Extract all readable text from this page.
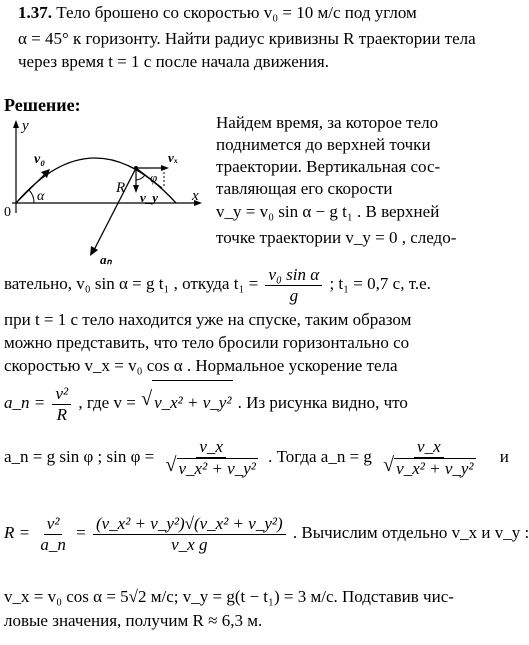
1.37. Тело брошено со скоростью v₀ = 10 м/с под углом
α = 45° к горизонту. Найти радиус кривизны R траектории тела
через время t = 1 с после начала движения.
Решение:
y
x
0
α
v₀
R
vₓ
v_y
φ
aₙ
Найдем время, за которое тело
поднимется до верхней точки
траектории. Вертикальная сос-
тавляющая его скорости
v_y = v₀ sin α − g t₁ . В верхней
точке траектории v_y = 0 , следо-
вательно, v₀ sin α = g t₁ , откуда $t_1 = \frac{\text{v₀ sin α}}{g}$ ; t₁ = 0,7 с, т.е.
при t = 1 с тело находится уже на спуске, таким образом
можно представить, что тело бросили горизонтально со
скоростью v_x = v₀ cos α . Нормальное ускорение тела
a_n = $\frac{\text{v²}}{R}$ , где v = √ v_x² + v_y² . Из рисунка видно, что
a_n = g sin φ ; sin φ = v_x
√ v_x² + v_y² . Тогда a_n = g v_x
√ v_x² + v_y² и
$R = \frac{\text{v²}}{a\_n} = \frac{\text{(v\_x² + v\_y²)√(v\_x² + v\_y²)}}{\text{v\_x g}}$ . Вычислим отдельно v_x и v_y :
v_x = v₀ cos α = 5√2 м/с; v_y = g(t − t₁) = 3 м/с. Подставив чис-
ловые значения, получим R ≈ 6,3 м.
